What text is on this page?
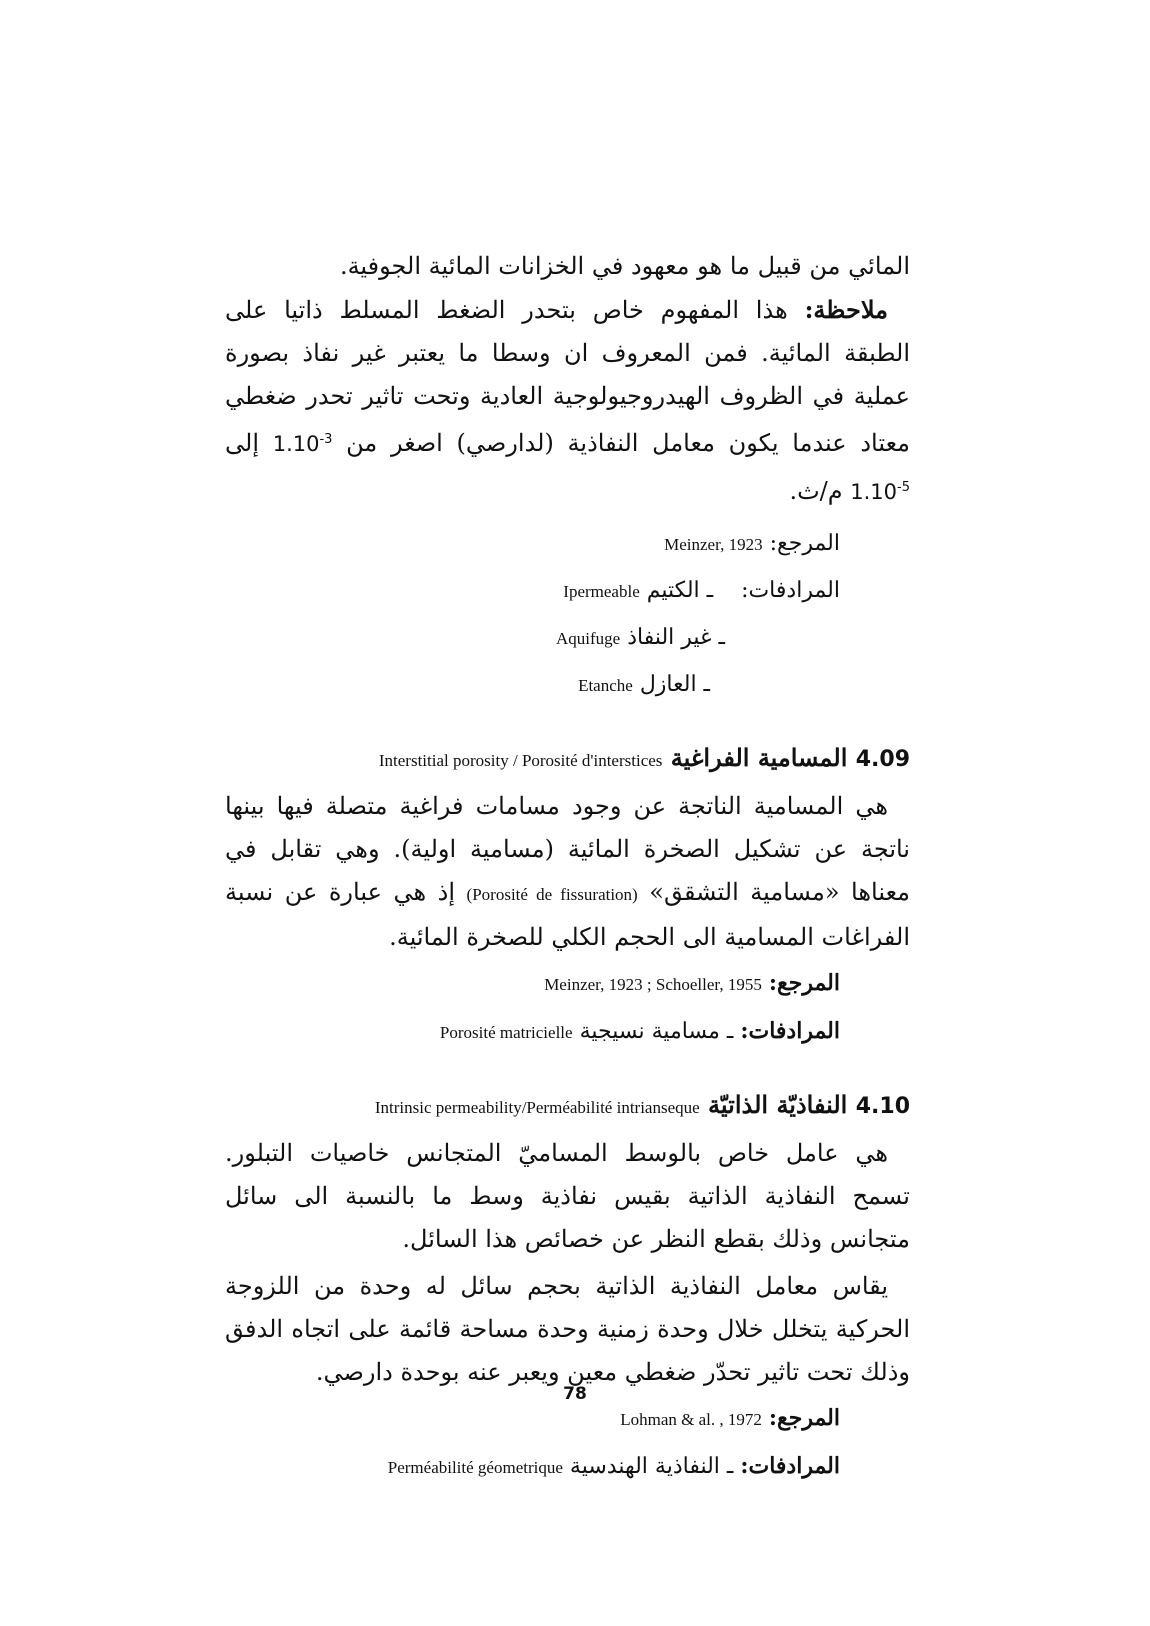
المائي من قبيل ما هو معهود في الخزانات المائية الجوفية.

ملاحظة: هذا المفهوم خاص بتحدر الضغط المسلط ذاتيا على الطبقة المائية. فمن المعروف ان وسطا ما يعتبر غير نفاذ بصورة عملية في الظروف الهيدروجيولوجية العادية وتحت تاثير تحدر ضغطي معتاد عندما يكون معامل النفاذية (لدارصي) اصغر من $1.10^{-3}$ إلى $1.10^{-5}$ م/ث.

المرجع: Meinzer, 1923
المرادفات:    ـ الكتيم Ipermeable
ـ غير النفاذ Aquifuge
ـ العازل Etanche
4.09 المسامية الفراغية Interstitial porosity / Porosité d'interstices

هي المسامية الناتجة عن وجود مسامات فراغية متصلة فيها بينها ناتجة عن تشكيل الصخرة المائية (مسامية اولية). وهي تقابل في معناها «مسامية التشقق» (Porosité de fissuration) إذ هي عبارة عن نسبة الفراغات المسامية الى الحجم الكلي للصخرة المائية.

المرجع: Meinzer, 1923 ; Schoeller, 1955
المرادفات: ـ مسامية نسيجية Porosité matricielle
4.10 النفاذيّة الذاتيّة Intrinsic permeability/Perméabilité intrianseque

هي عامل خاص بالوسط المساميّ المتجانس خاصيات التبلور. تسمح النفاذية الذاتية بقيس نفاذية وسط ما بالنسبة الى سائل متجانس وذلك بقطع النظر عن خصائص هذا السائل.

يقاس معامل النفاذية الذاتية بحجم سائل له وحدة من اللزوجة الحركية يتخلل خلال وحدة زمنية وحدة مساحة قائمة على اتجاه الدفق وذلك تحت تاثير تحدّر ضغطي معين ويعبر عنه بوحدة دارصي.

المرجع: Lohman & al. , 1972
المرادفات: ـ النفاذية الهندسية Perméabilité géometrique
78
